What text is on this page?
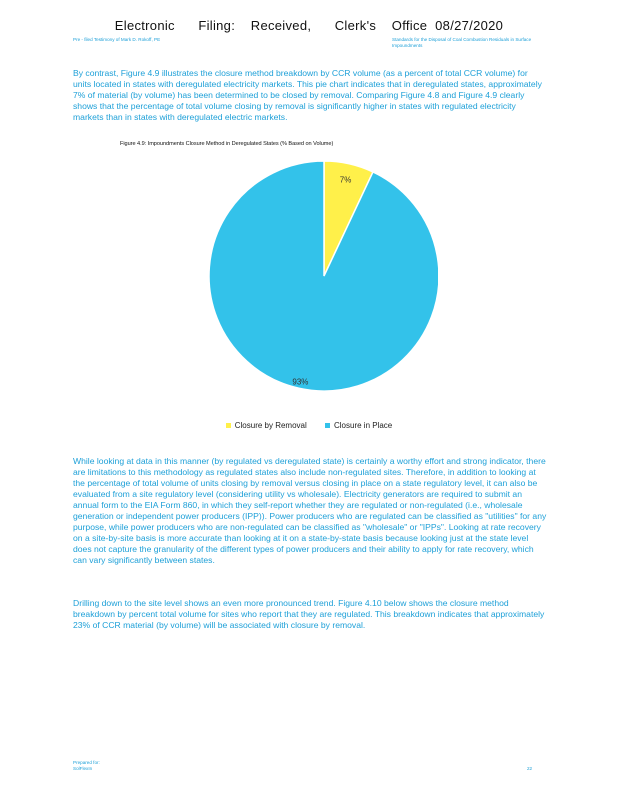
Electronic      Filing:    Received,      Clerk's    Office  08/27/2020
Pre - filed Testimony of Mark D. Rokoff, PE	Standards for the Disposal of Coal Combustion Residuals in Surface Impoundments

By contrast, Figure 4.9 illustrates the closure method breakdown by CCR volume (as a percent of total CCR volume) for units located in states with deregulated electricity markets. This pie chart indicates that in deregulated states, approximately 7% of material (by volume) has been determined to be closed by removal. Comparing Figure 4.8 and Figure 4.9 clearly shows that the percentage of total volume closing by removal is significantly higher in states with regulated electricity markets than in states with deregulated electric markets.

Figure 4.9: Impoundments Closure Method in Deregulated States (% Based on Volume)
7%
93%
Closure by Removal	Closure in Place

While looking at data in this manner (by regulated vs deregulated state) is certainly a worthy effort and strong indicator, there are limitations to this methodology as regulated states also include non-regulated sites. Therefore, in addition to looking at the percentage of total volume of units closing by removal versus closing in place on a state regulatory level, it can also be evaluated from a site regulatory level (considering utility vs wholesale). Electricity generators are required to submit an annual form to the EIA Form 860, in which they self-report whether they are regulated or non-regulated (i.e., wholesale generation or independent power producers (IPP)). Power producers who are regulated can be classified as "utilities" for any purpose, while power producers who are non-regulated can be classified as "wholesale" or "IPPs". Looking at rate recovery on a site-by-site basis is more accurate than looking at it on a state-by-state basis because looking just at the state level does not capture the granularity of the different types of power producers and their ability to apply for rate recovery, which can vary significantly between states.

Drilling down to the site level shows an even more pronounced trend. Figure 4.10 below shows the closure method breakdown by percent total volume for sites who report that they are regulated. This breakdown indicates that approximately 23% of CCR material (by volume) will be associated with closure by removal.

Prepared for:
SolFlexIn	22
